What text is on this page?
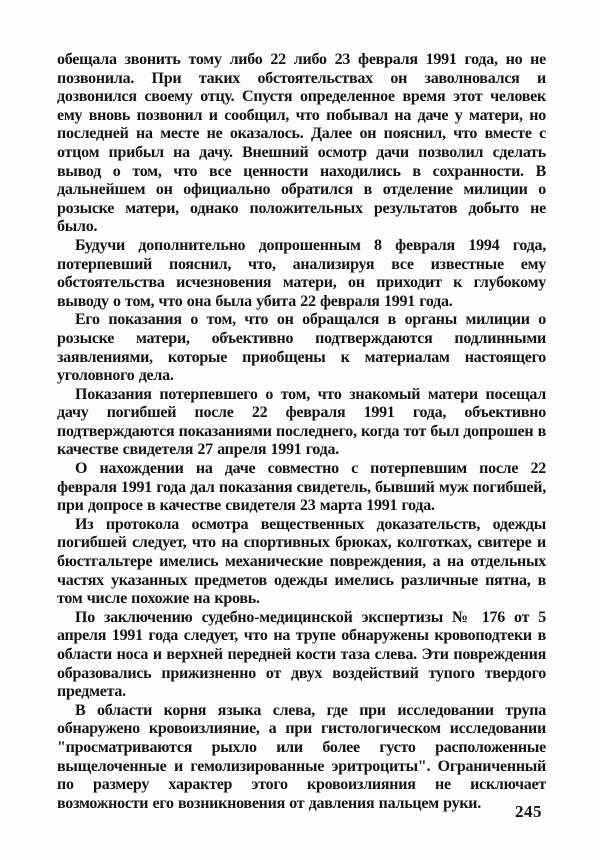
обещала звонить тому либо 22 либо 23 февраля 1991 года, но не позвонила. При таких обстоятельствах он заволновался и дозвонился своему отцу. Спустя определенное время этот человек ему вновь позвонил и сообщил, что побывал на даче у матери, но последней на месте не оказалось. Далее он пояснил, что вместе с отцом прибыл на дачу. Внешний осмотр дачи позволил сделать вывод о том, что все ценности находились в сохранности. В дальнейшем он официально обратился в отделение милиции о розыске матери, однако положительных результатов добыто не было.

Будучи дополнительно допрошенным 8 февраля 1994 года, потерпевший пояснил, что, анализируя все известные ему обстоятельства исчезновения матери, он приходит к глубокому выводу о том, что она была убита 22 февраля 1991 года.

Его показания о том, что он обращался в органы милиции о розыске матери, объективно подтверждаются подлинными заявлениями, которые приобщены к материалам настоящего уголовного дела.

Показания потерпевшего о том, что знакомый матери посещал дачу погибшей после 22 февраля 1991 года, объективно подтверждаются показаниями последнего, когда тот был допрошен в качестве свидетеля 27 апреля 1991 года.

О нахождении на даче совместно с потерпевшим после 22 февраля 1991 года дал показания свидетель, бывший муж погибшей, при допросе в качестве свидетеля 23 марта 1991 года.

Из протокола осмотра вещественных доказательств, одежды погибшей следует, что на спортивных брюках, колготках, свитере и бюстгальтере имелись механические повреждения, а на отдельных частях указанных предметов одежды имелись различные пятна, в том числе похожие на кровь.

По заключению судебно-медицинской экспертизы № 176 от 5 апреля 1991 года следует, что на трупе обнаружены кровоподтеки в области носа и верхней передней кости таза слева. Эти повреждения образовались прижизненно от двух воздействий тупого твердого предмета.

В области корня языка слева, где при исследовании трупа обнаружено кровоизлияние, а при гистологическом исследовании "просматриваются рыхло или более густо расположенные выщелоченные и гемолизированные эритроциты". Ограниченный по размеру характер этого кровоизлияния не исключает возможности его возникновения от давления пальцем руки.	245
